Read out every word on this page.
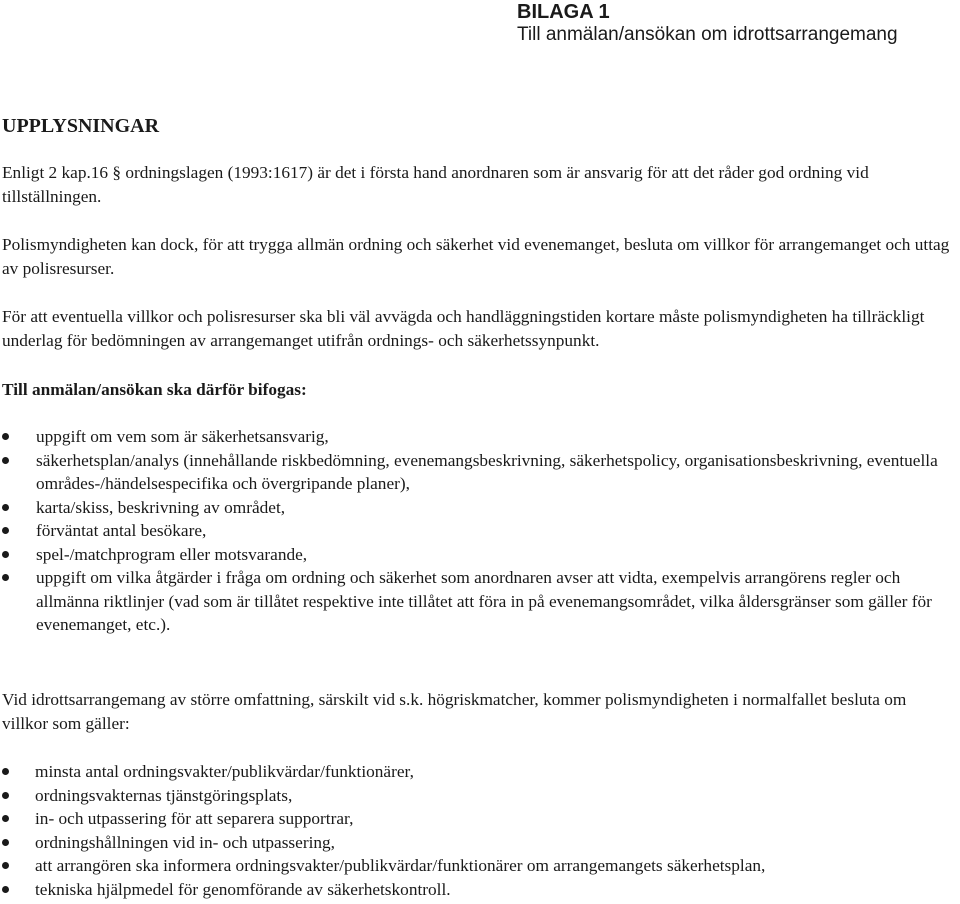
BILAGA 1
Till anmälan/ansökan om idrottsarrangemang
UPPLYSNINGAR
Enligt 2 kap.16 § ordningslagen (1993:1617) är det i första hand anordnaren som är ansvarig för att det råder god ordning vid tillställningen.
Polismyndigheten kan dock, för att trygga allmän ordning och säkerhet vid evenemanget, besluta om villkor för arrangemanget och uttag av polisresurser.
För att eventuella villkor och polisresurser ska bli väl avvägda och handläggningstiden kortare måste polismyndigheten ha tillräckligt underlag för bedömningen av arrangemanget utifrån ordnings- och säkerhetssynpunkt.
Till anmälan/ansökan ska därför bifogas:
uppgift om vem som är säkerhetsansvarig,
säkerhetsplan/analys (innehållande riskbedömning, evenemangsbeskrivning, säkerhetspolicy, organisationsbeskrivning, eventuella områdes-/händelsespecifika och övergripande planer),
karta/skiss, beskrivning av området,
förväntat antal besökare,
spel-/matchprogram eller motsvarande,
uppgift om vilka åtgärder i fråga om ordning och säkerhet som anordnaren avser att vidta, exempelvis arrangörens regler och allmänna riktlinjer (vad som är tillåtet respektive inte tillåtet att föra in på evenemangsområdet, vilka åldersgränser som gäller för evenemanget, etc.).
Vid idrottsarrangemang av större omfattning, särskilt vid s.k. högriskmatcher, kommer polismyndigheten i normalfallet besluta om villkor som gäller:
minsta antal ordningsvakter/publikvärdar/funktionärer,
ordningsvakternas tjänstgöringsplats,
in- och utpassering för att separera supportrar,
ordningshållningen vid in- och utpassering,
att arrangören ska informera ordningsvakter/publikvärdar/funktionärer om arrangemangets säkerhetsplan,
tekniska hjälpmedel för genomförande av säkerhetskontroll.
